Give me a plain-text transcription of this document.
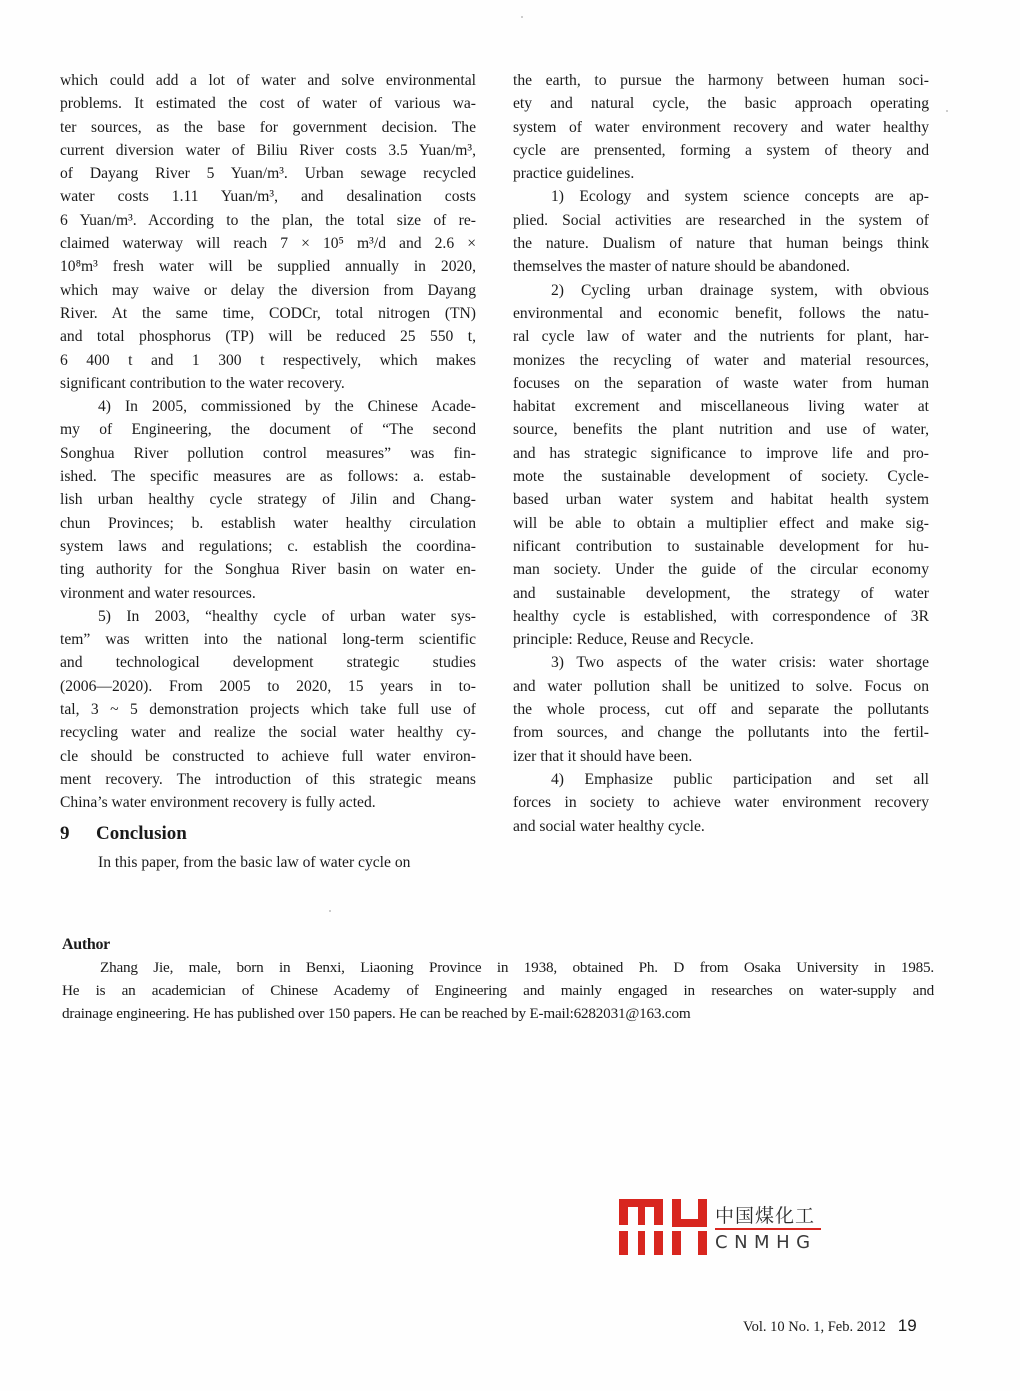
which could add a lot of water and solve environmental
problems. It estimated the cost of water of various wa-
ter sources, as the base for government decision. The
current diversion water of Biliu River costs 3.5 Yuan/m³,
of Dayang River 5 Yuan/m³. Urban sewage recycled
water costs 1.11 Yuan/m³, and desalination costs
6 Yuan/m³. According to the plan, the total size of re-
claimed waterway will reach 7 × 10⁵ m³/d and 2.6 ×
10⁸m³ fresh water will be supplied annually in 2020,
which may waive or delay the diversion from Dayang
River. At the same time, CODCr, total nitrogen (TN)
and total phosphorus (TP) will be reduced 25 550 t,
6 400 t and 1 300 t respectively, which makes
significant contribution to the water recovery.
4) In 2005, commissioned by the Chinese Acade-
my of Engineering, the document of “The second
Songhua River pollution control measures” was fin-
ished. The specific measures are as follows: a. estab-
lish urban healthy cycle strategy of Jilin and Chang-
chun Provinces; b. establish water healthy circulation
system laws and regulations; c. establish the coordina-
ting authority for the Songhua River basin on water en-
vironment and water resources.
5) In 2003, “healthy cycle of urban water sys-
tem” was written into the national long-term scientific
and technological development strategic studies
(2006—2020). From 2005 to 2020, 15 years in to-
tal, 3 ~ 5 demonstration projects which take full use of
recycling water and realize the social water healthy cy-
cle should be constructed to achieve full water environ-
ment recovery. The introduction of this strategic means
China’s water environment recovery is fully acted.
9 Conclusion
In this paper, from the basic law of water cycle on
the earth, to pursue the harmony between human soci-
ety and natural cycle, the basic approach operating
system of water environment recovery and water healthy
cycle are prensented, forming a system of theory and
practice guidelines.
1) Ecology and system science concepts are ap-
plied. Social activities are researched in the system of
the nature. Dualism of nature that human beings think
themselves the master of nature should be abandoned.
2) Cycling urban drainage system, with obvious
environmental and economic benefit, follows the natu-
ral cycle law of water and the nutrients for plant, har-
monizes the recycling of water and material resources,
focuses on the separation of waste water from human
habitat excrement and miscellaneous living water at
source, benefits the plant nutrition and use of water,
and has strategic significance to improve life and pro-
mote the sustainable development of society. Cycle-
based urban water system and habitat health system
will be able to obtain a multiplier effect and make sig-
nificant contribution to sustainable development for hu-
man society. Under the guide of the circular economy
and sustainable development, the strategy of water
healthy cycle is established, with correspondence of 3R
principle: Reduce, Reuse and Recycle.
3) Two aspects of the water crisis: water shortage
and water pollution shall be unitized to solve. Focus on
the whole process, cut off and separate the pollutants
from sources, and change the pollutants into the fertil-
izer that it should have been.
4) Emphasize public participation and set all
forces in society to achieve water environment recovery
and social water healthy cycle.
Author
Zhang Jie, male, born in Benxi, Liaoning Province in 1938, obtained Ph. D from Osaka University in 1985.
He is an academician of Chinese Academy of Engineering and mainly engaged in researches on water-supply and
drainage engineering. He has published over 150 papers. He can be reached by E-mail:6282031@163.com
中国煤化工
CNMHG
Vol. 10 No. 1, Feb. 2012 19
